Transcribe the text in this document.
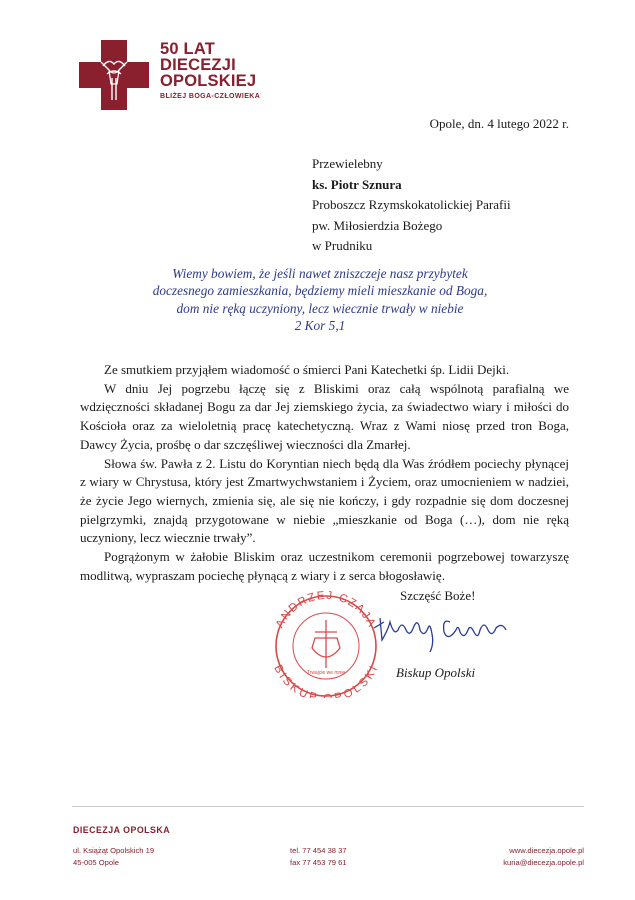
50 LAT
DIECEZJI
OPOLSKIEJ
BLIŻEJ BOGA-CZŁOWIEKA
Opole, dn. 4 lutego 2022 r.
Przewielebny
ks. Piotr Sznura
Proboszcz Rzymskokatolickiej Parafii
pw. Miłosierdzia Bożego
w Prudniku
Wiemy bowiem, że jeśli nawet zniszczeje nasz przybytek
doczesnego zamieszkania, będziemy mieli mieszkanie od Boga,
dom nie ręką uczyniony, lecz wiecznie trwały w niebie
2 Kor 5,1

Ze smutkiem przyjąłem wiadomość o śmierci Pani Katechetki śp. Lidii Dejki.

W dniu Jej pogrzebu łączę się z Bliskimi oraz całą wspólnotą parafialną we wdzięczności składanej Bogu za dar Jej ziemskiego życia, za świadectwo wiary i miłości do Kościoła oraz za wieloletnią pracę katechetyczną. Wraz z Wami niosę przed tron Boga, Dawcy Życia, prośbę o dar szczęśliwej wieczności dla Zmarłej.

Słowa św. Pawła z 2. Listu do Koryntian niech będą dla Was źródłem pociechy płynącej z wiary w Chrystusa, który jest Zmartwychwstaniem i Życiem, oraz umocnieniem w nadziei, że życie Jego wiernych, zmienia się, ale się nie kończy, i gdy rozpadnie się dom doczesnej pielgrzymki, znajdą przygotowane w niebie „mieszkanie od Boga (…), dom nie ręką uczyniony, lecz wiecznie trwały”.

Pogrążonym w żałobie Bliskim oraz uczestnikom ceremonii pogrzebowej towarzyszę modlitwą, wypraszam pociechę płynącą z wiary i z serca błogosławię.

Szczęść Boże!
ANDRZEJ CZAJA
BISKUP POLSKI
Trwajcie we mnie	Biskup Opolski
DIECEZJA OPOLSKA
ul. Książąt Opolskich 19
45-005 Opole
tel. 77 454 38 37
fax 77 453 79 61
www.diecezja.opole.pl
kuria@diecezja.opole.pl
